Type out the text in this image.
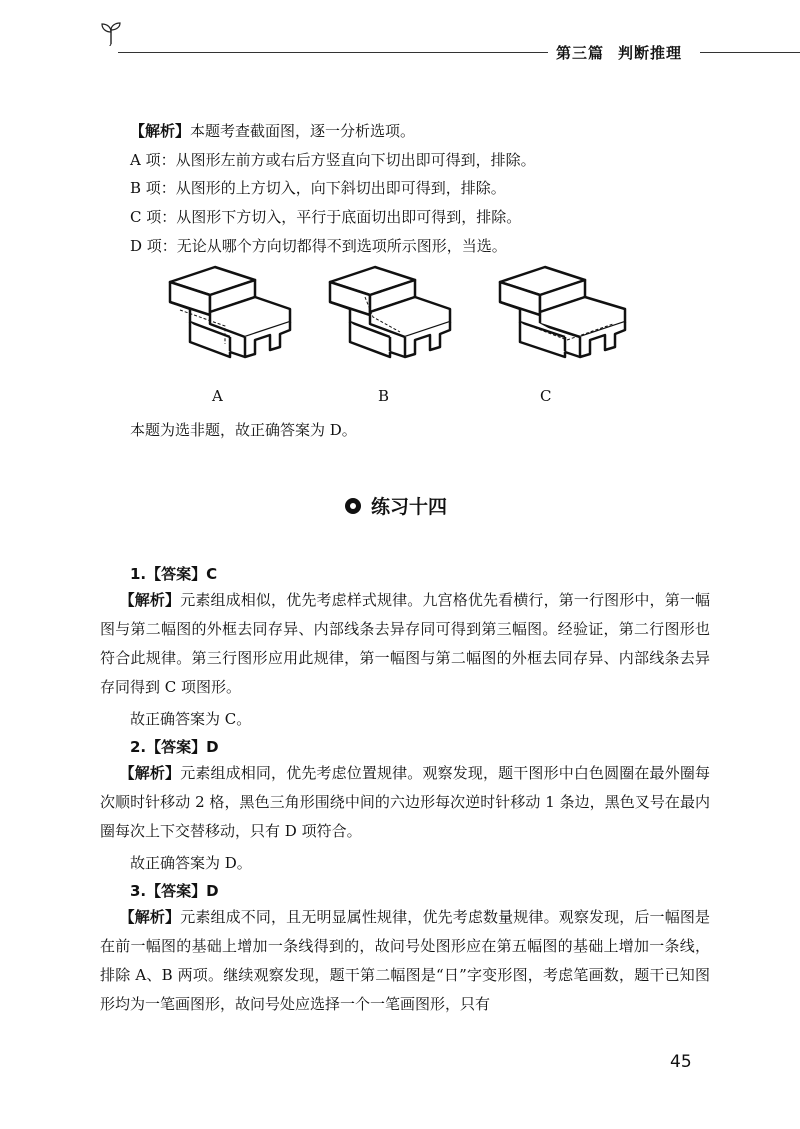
第三篇 判断推理
【解析】本题考查截面图，逐一分析选项。
A 项：从图形左前方或右后方竖直向下切出即可得到，排除。
B 项：从图形的上方切入，向下斜切出即可得到，排除。
C 项：从图形下方切入，平行于底面切出即可得到，排除。
D 项：无论从哪个方向切都得不到选项所示图形，当选。
A	B	C
本题为选非题，故正确答案为 D。
练习十四
1.【答案】C
【解析】元素组成相似，优先考虑样式规律。九宫格优先看横行，第一行图形中，第一幅图与第二幅图的外框去同存异、内部线条去异存同可得到第三幅图。经验证，第二行图形也符合此规律。第三行图形应用此规律，第一幅图与第二幅图的外框去同存异、内部线条去异存同得到 C 项图形。
故正确答案为 C。
2.【答案】D
【解析】元素组成相同，优先考虑位置规律。观察发现，题干图形中白色圆圈在最外圈每次顺时针移动 2 格，黑色三角形围绕中间的六边形每次逆时针移动 1 条边，黑色叉号在最内圈每次上下交替移动，只有 D 项符合。
故正确答案为 D。
3.【答案】D
【解析】元素组成不同，且无明显属性规律，优先考虑数量规律。观察发现，后一幅图是在前一幅图的基础上增加一条线得到的，故问号处图形应在第五幅图的基础上增加一条线，排除 A、B 两项。继续观察发现，题干第二幅图是“日”字变形图，考虑笔画数，题干已知图形均为一笔画图形，故问号处应选择一个一笔画图形，只有
45
